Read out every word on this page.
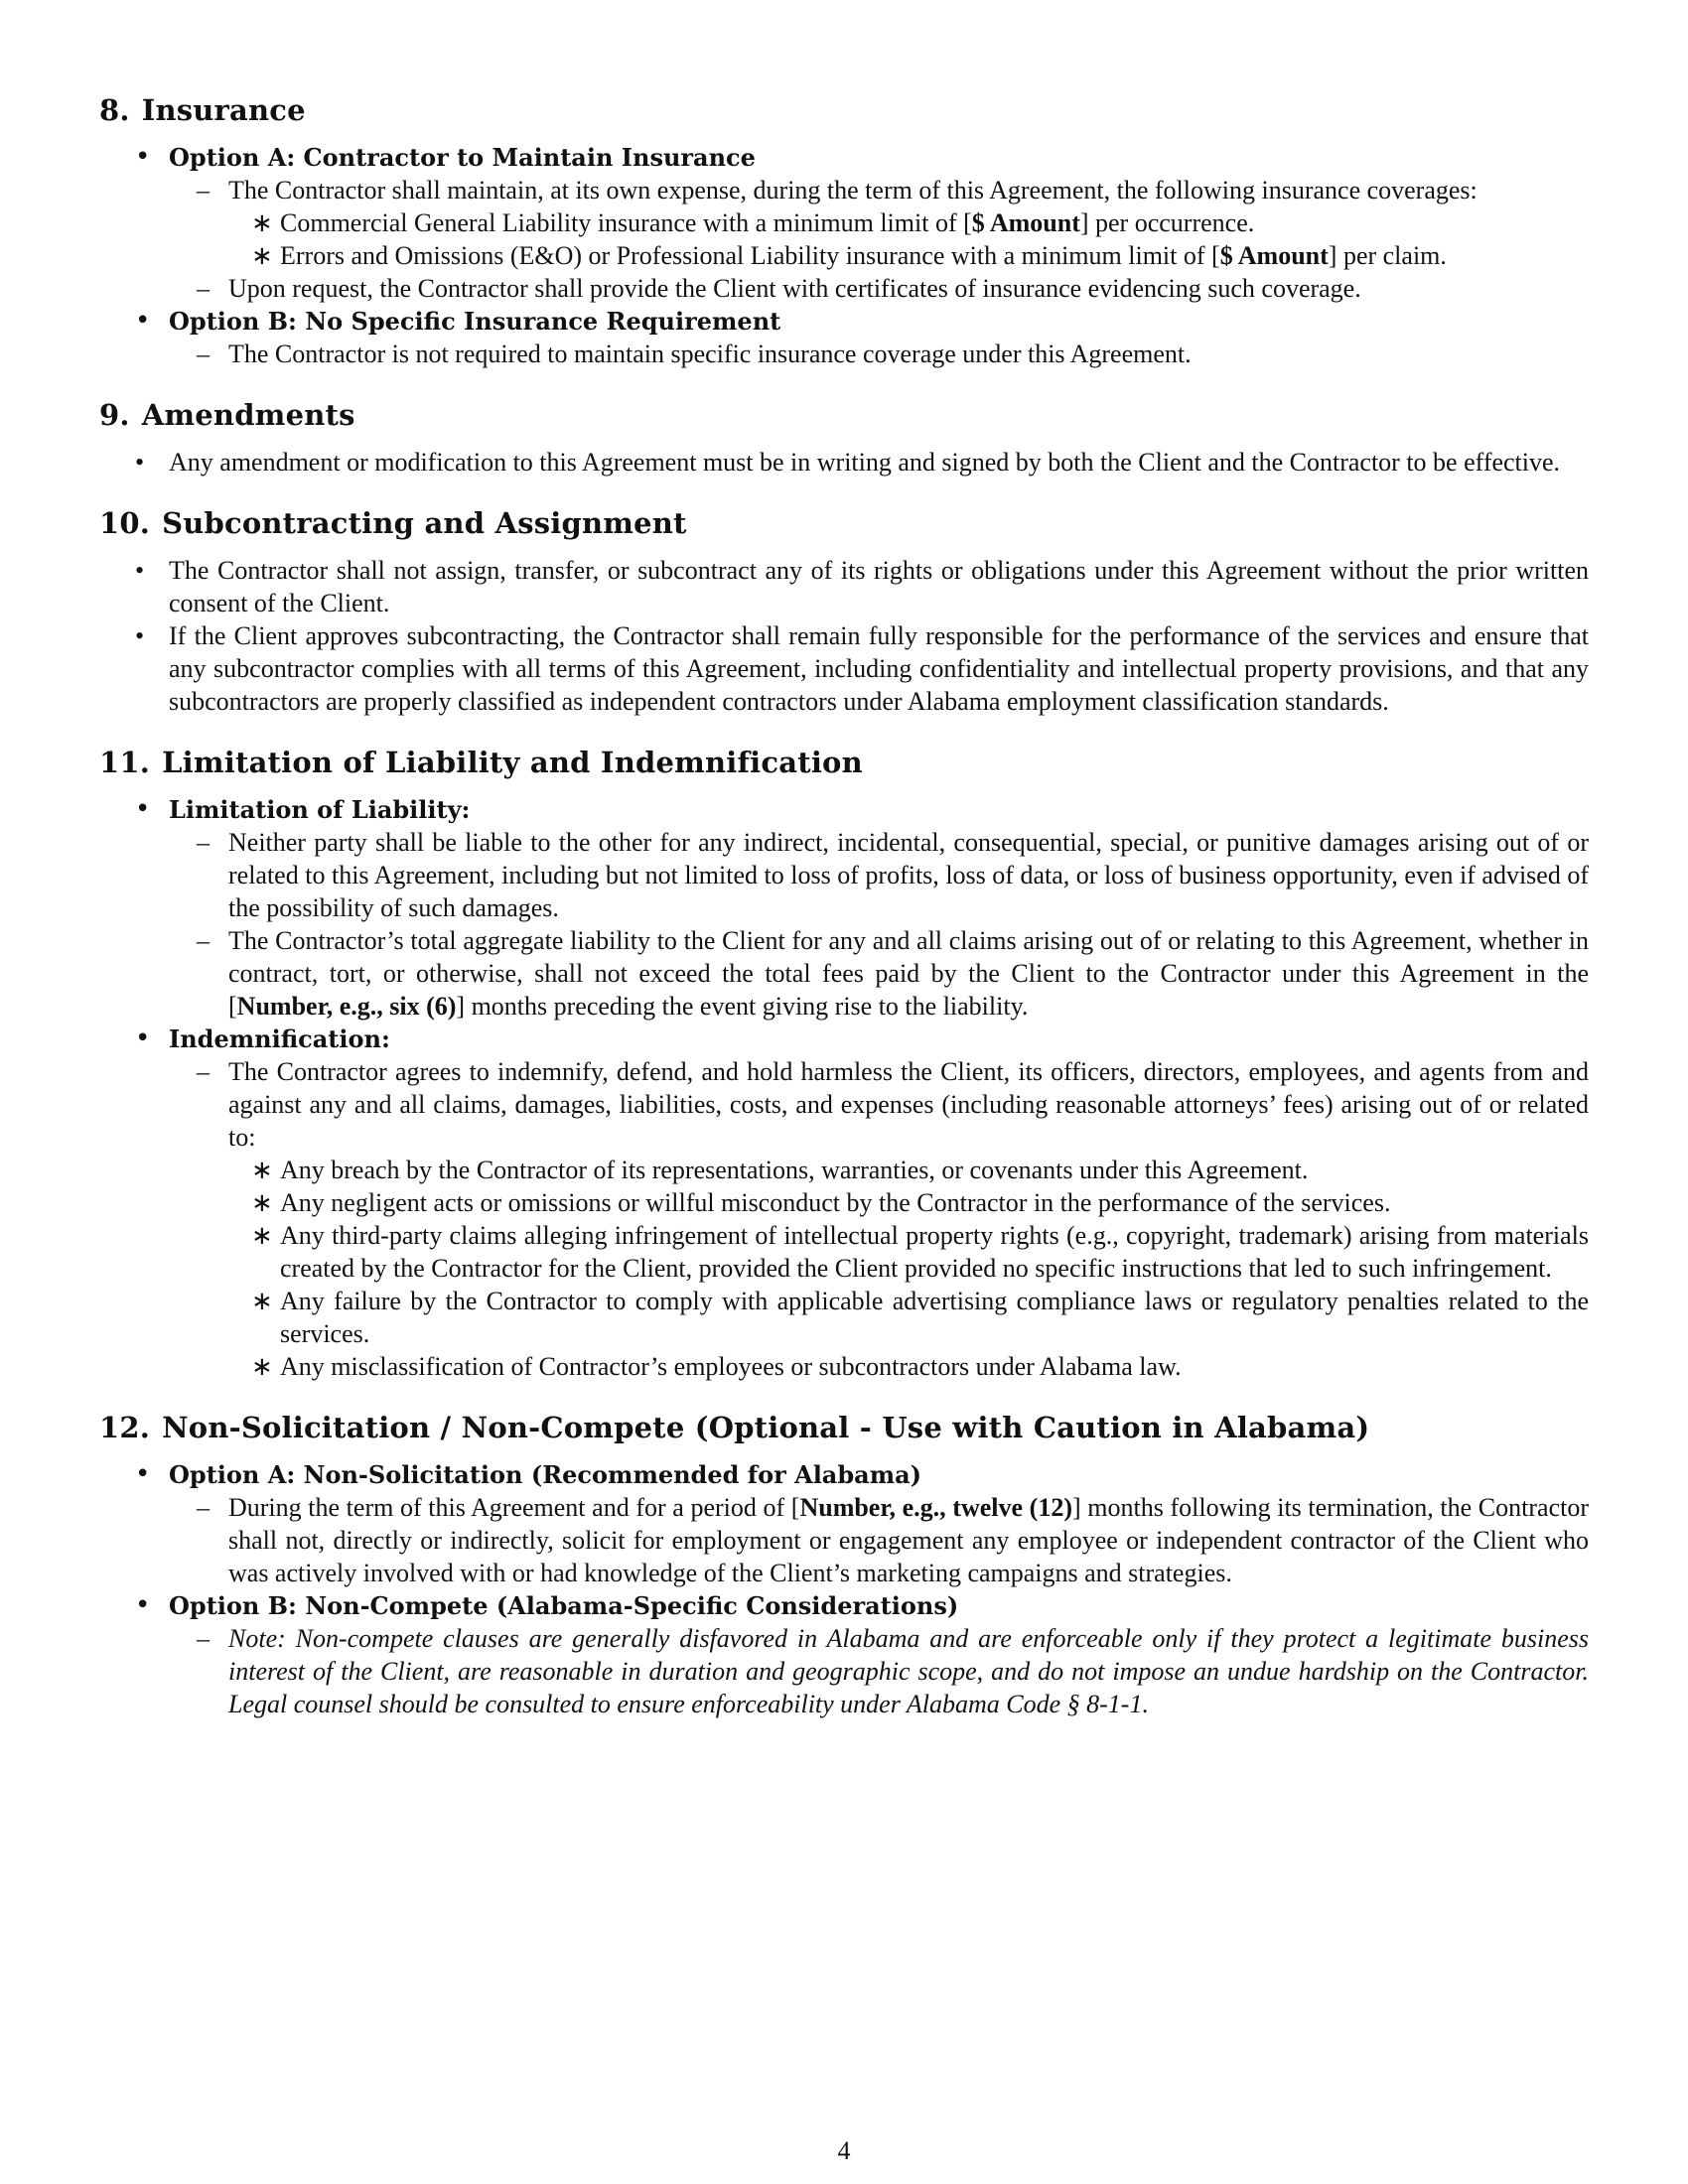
8. Insurance
• Option A: Contractor to Maintain Insurance
– The Contractor shall maintain, at its own expense, during the term of this Agreement, the following insurance coverages:
∗ Commercial General Liability insurance with a minimum limit of [$ Amount] per occurrence.
∗ Errors and Omissions (E&O) or Professional Liability insurance with a minimum limit of [$ Amount] per claim.
– Upon request, the Contractor shall provide the Client with certificates of insurance evidencing such coverage.
• Option B: No Specific Insurance Requirement
– The Contractor is not required to maintain specific insurance coverage under this Agreement.
9. Amendments
• Any amendment or modification to this Agreement must be in writing and signed by both the Client and the Contractor to be effective.
10. Subcontracting and Assignment
• The Contractor shall not assign, transfer, or subcontract any of its rights or obligations under this Agreement without the prior written consent of the Client.
• If the Client approves subcontracting, the Contractor shall remain fully responsible for the performance of the services and ensure that any subcontractor complies with all terms of this Agreement, including confidentiality and intellectual property provisions, and that any subcontractors are properly classified as independent contractors under Alabama employment classification standards.
11. Limitation of Liability and Indemnification
• Limitation of Liability:
– Neither party shall be liable to the other for any indirect, incidental, consequential, special, or punitive damages arising out of or related to this Agreement, including but not limited to loss of profits, loss of data, or loss of business opportunity, even if advised of the possibility of such damages.
– The Contractor’s total aggregate liability to the Client for any and all claims arising out of or relating to this Agreement, whether in contract, tort, or otherwise, shall not exceed the total fees paid by the Client to the Contractor under this Agreement in the [Number, e.g., six (6)] months preceding the event giving rise to the liability.
• Indemnification:
– The Contractor agrees to indemnify, defend, and hold harmless the Client, its officers, directors, employees, and agents from and against any and all claims, damages, liabilities, costs, and expenses (including reasonable attorneys’ fees) arising out of or related to:
∗ Any breach by the Contractor of its representations, warranties, or covenants under this Agreement.
∗ Any negligent acts or omissions or willful misconduct by the Contractor in the performance of the services.
∗ Any third-party claims alleging infringement of intellectual property rights (e.g., copyright, trademark) arising from materials created by the Contractor for the Client, provided the Client provided no specific instructions that led to such infringement.
∗ Any failure by the Contractor to comply with applicable advertising compliance laws or regulatory penalties related to the services.
∗ Any misclassification of Contractor’s employees or subcontractors under Alabama law.
12. Non-Solicitation / Non-Compete (Optional - Use with Caution in Alabama)
• Option A: Non-Solicitation (Recommended for Alabama)
– During the term of this Agreement and for a period of [Number, e.g., twelve (12)] months following its termination, the Contractor shall not, directly or indirectly, solicit for employment or engagement any employee or independent contractor of the Client who was actively involved with or had knowledge of the Client’s marketing campaigns and strategies.
• Option B: Non-Compete (Alabama-Specific Considerations)
– Note: Non-compete clauses are generally disfavored in Alabama and are enforceable only if they protect a legitimate business interest of the Client, are reasonable in duration and geographic scope, and do not impose an undue hardship on the Contractor. Legal counsel should be consulted to ensure enforceability under Alabama Code § 8-1-1.
4
